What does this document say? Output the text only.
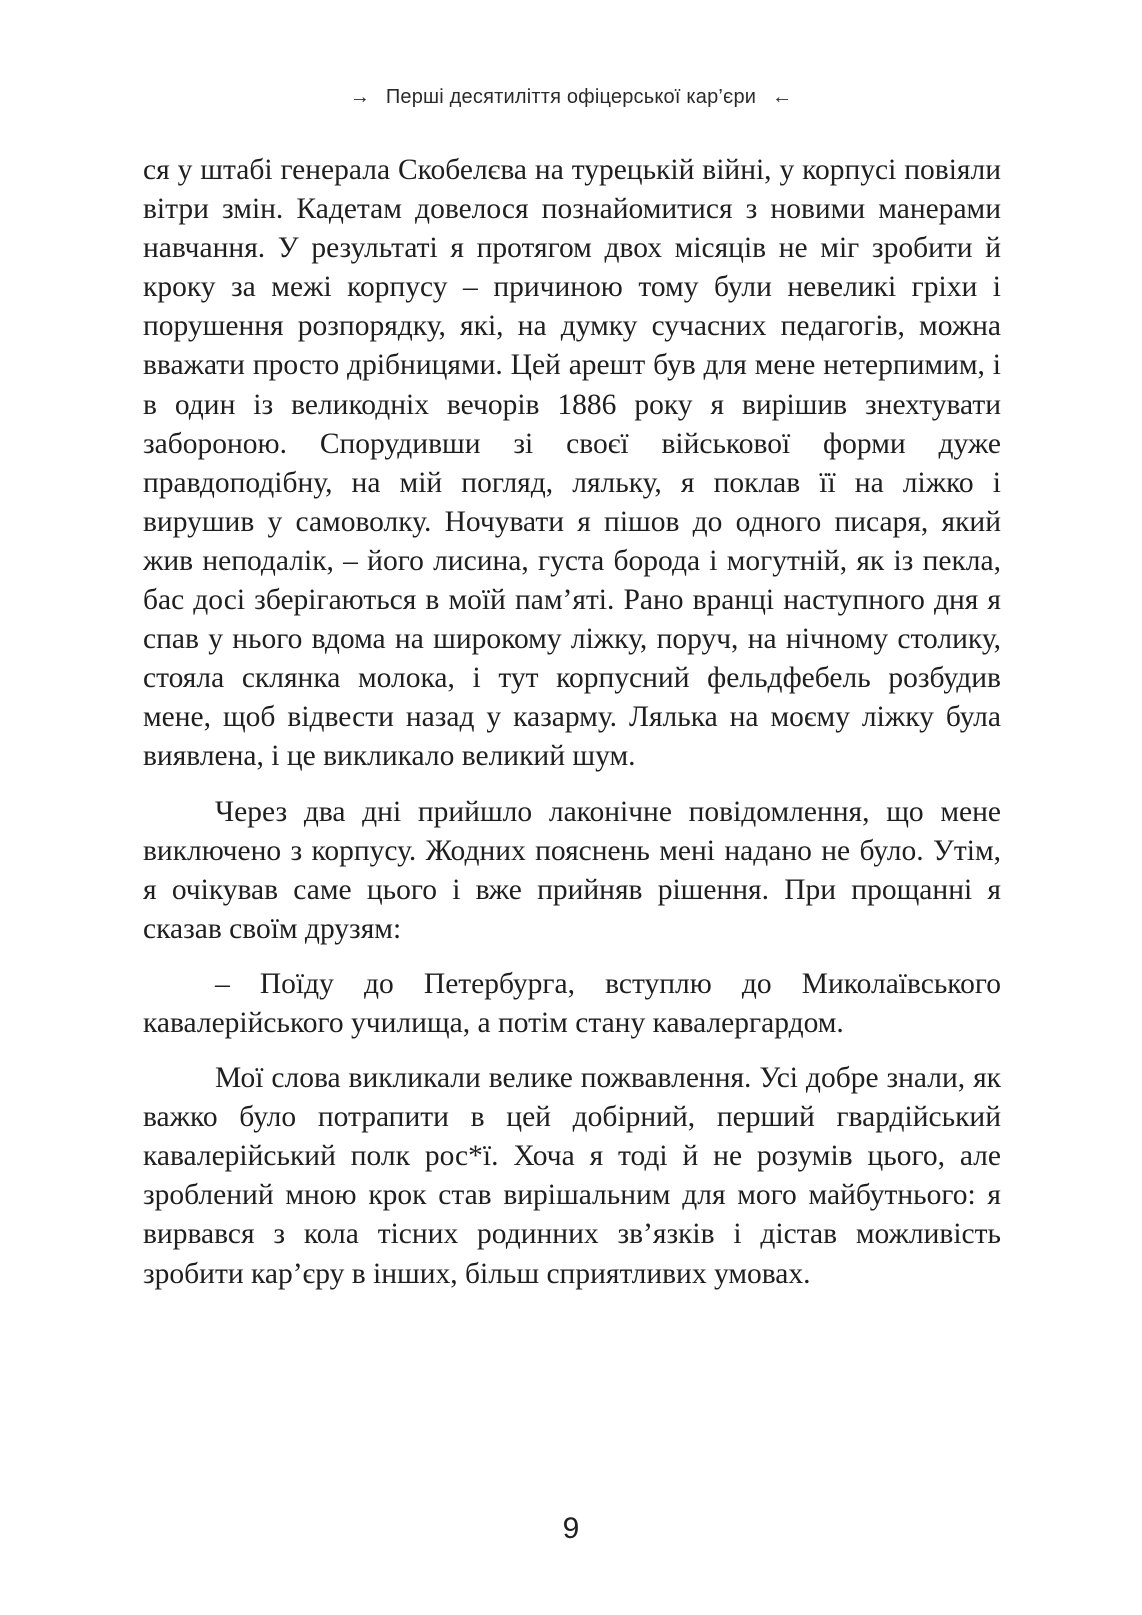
→ Перші десятиліття офіцерської кар’єри ←

ся у штабі генерала Скобелєва на турецькій війні, у корпусі повіяли вітри змін. Кадетам довелося познайомитися з новими манерами навчання. У результаті я протягом двох місяців не міг зробити й кроку за межі корпусу – причиною тому були невеликі гріхи і порушення розпорядку, які, на думку сучасних педагогів, можна вважати просто дрібницями. Цей арешт був для мене нетерпимим, і в один із великодніх вечорів 1886 року я вирішив знехтувати забороною. Спорудивши зі своєї військової форми дуже правдоподібну, на мій погляд, ляльку, я поклав її на ліжко і вирушив у самоволку. Ночувати я пішов до одного писаря, який жив неподалік, – його лисина, густа борода і могутній, як із пекла, бас досі зберігаються в моїй пам’яті. Рано вранці наступного дня я спав у нього вдома на широкому ліжку, поруч, на нічному столику, стояла склянка молока, і тут корпусний фельдфебель розбудив мене, щоб відвести назад у казарму. Лялька на моєму ліжку була виявлена, і це викликало великий шум.

Через два дні прийшло лаконічне повідомлення, що мене виключено з корпусу. Жодних пояснень мені надано не було. Утім, я очікував саме цього і вже прийняв рішення. При прощанні я сказав своїм друзям:

– Поїду до Петербурга, вступлю до Миколаївського кавалерійського училища, а потім стану кавалергардом.

Мої слова викликали велике пожвавлення. Усі добре знали, як важко було потрапити в цей добірний, перший гвардійський кавалерійський полк рос*ї. Хоча я тоді й не розумів цього, але зроблений мною крок став вирішальним для мого майбутнього: я вирвався з кола тісних родинних зв’язків і дістав можливість зробити кар’єру в інших, більш сприятливих умовах.

9
